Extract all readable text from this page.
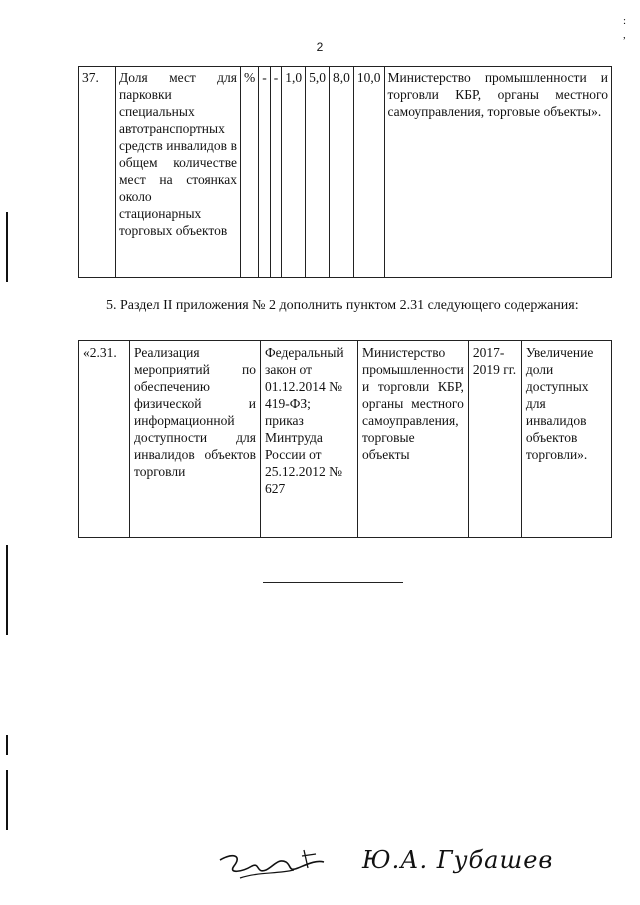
2
:
,
37.	Доля мест для парковки специальных автотранспортных средств инвалидов в общем количестве мест на стоянках около стационарных торговых объектов	%	-	-	1,0	5,0	8,0	10,0	Министерство промышленности и торговли КБР, органы местного самоуправления, торговые объекты».
5. Раздел II приложения № 2 дополнить пунктом 2.31 следующего содержания:
«2.31.	Реализация мероприятий по обеспечению физической и информационной доступности для инвалидов объектов торговли	Федеральный закон от 01.12.2014 № 419-ФЗ; приказ Минтруда России от 25.12.2012 № 627	Министерство промышленности и торговли КБР, органы местного самоуправления, торговые объекты	2017-2019 гг.	Увеличение доли доступных для инвалидов объектов торговли».
Ю.А. Губашев
